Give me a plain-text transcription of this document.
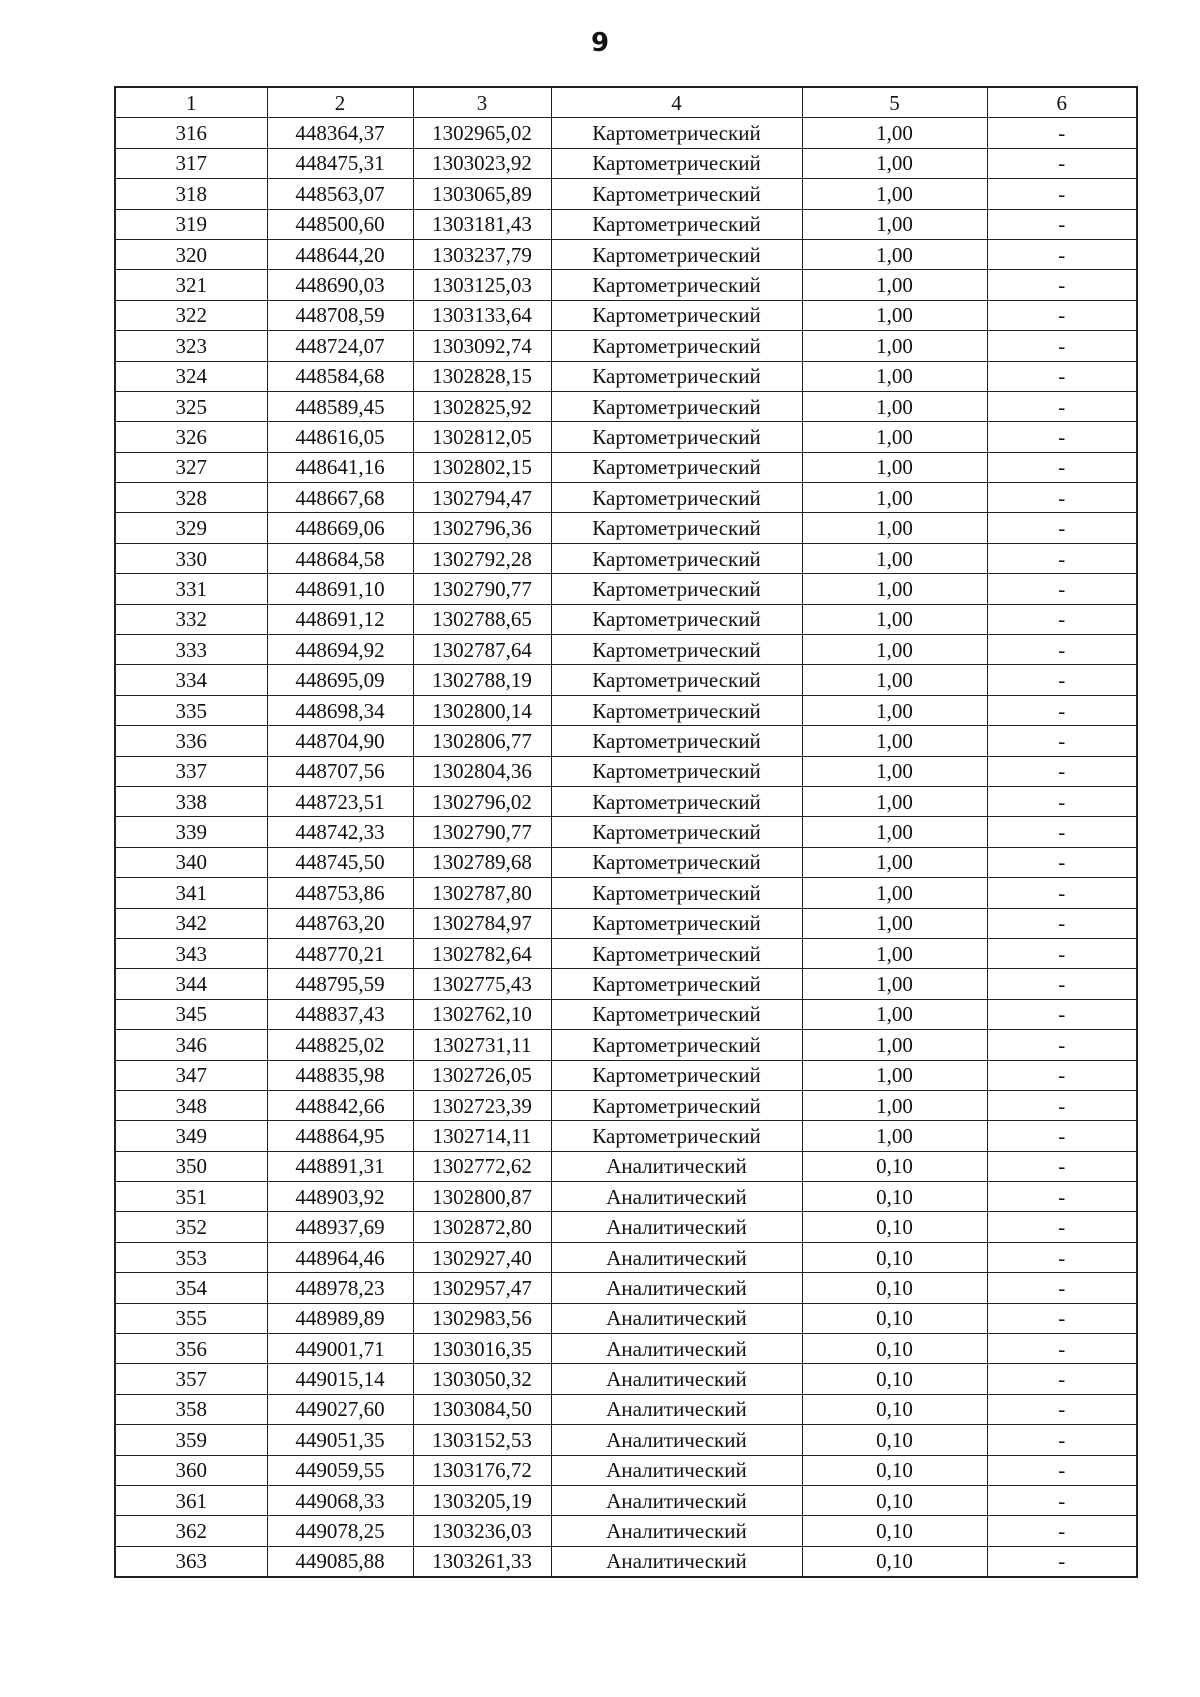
9
1	2	3	4	5	6
316	448364,37	1302965,02	Картометрический	1,00	-
317	448475,31	1303023,92	Картометрический	1,00	-
318	448563,07	1303065,89	Картометрический	1,00	-
319	448500,60	1303181,43	Картометрический	1,00	-
320	448644,20	1303237,79	Картометрический	1,00	-
321	448690,03	1303125,03	Картометрический	1,00	-
322	448708,59	1303133,64	Картометрический	1,00	-
323	448724,07	1303092,74	Картометрический	1,00	-
324	448584,68	1302828,15	Картометрический	1,00	-
325	448589,45	1302825,92	Картометрический	1,00	-
326	448616,05	1302812,05	Картометрический	1,00	-
327	448641,16	1302802,15	Картометрический	1,00	-
328	448667,68	1302794,47	Картометрический	1,00	-
329	448669,06	1302796,36	Картометрический	1,00	-
330	448684,58	1302792,28	Картометрический	1,00	-
331	448691,10	1302790,77	Картометрический	1,00	-
332	448691,12	1302788,65	Картометрический	1,00	-
333	448694,92	1302787,64	Картометрический	1,00	-
334	448695,09	1302788,19	Картометрический	1,00	-
335	448698,34	1302800,14	Картометрический	1,00	-
336	448704,90	1302806,77	Картометрический	1,00	-
337	448707,56	1302804,36	Картометрический	1,00	-
338	448723,51	1302796,02	Картометрический	1,00	-
339	448742,33	1302790,77	Картометрический	1,00	-
340	448745,50	1302789,68	Картометрический	1,00	-
341	448753,86	1302787,80	Картометрический	1,00	-
342	448763,20	1302784,97	Картометрический	1,00	-
343	448770,21	1302782,64	Картометрический	1,00	-
344	448795,59	1302775,43	Картометрический	1,00	-
345	448837,43	1302762,10	Картометрический	1,00	-
346	448825,02	1302731,11	Картометрический	1,00	-
347	448835,98	1302726,05	Картометрический	1,00	-
348	448842,66	1302723,39	Картометрический	1,00	-
349	448864,95	1302714,11	Картометрический	1,00	-
350	448891,31	1302772,62	Аналитический	0,10	-
351	448903,92	1302800,87	Аналитический	0,10	-
352	448937,69	1302872,80	Аналитический	0,10	-
353	448964,46	1302927,40	Аналитический	0,10	-
354	448978,23	1302957,47	Аналитический	0,10	-
355	448989,89	1302983,56	Аналитический	0,10	-
356	449001,71	1303016,35	Аналитический	0,10	-
357	449015,14	1303050,32	Аналитический	0,10	-
358	449027,60	1303084,50	Аналитический	0,10	-
359	449051,35	1303152,53	Аналитический	0,10	-
360	449059,55	1303176,72	Аналитический	0,10	-
361	449068,33	1303205,19	Аналитический	0,10	-
362	449078,25	1303236,03	Аналитический	0,10	-
363	449085,88	1303261,33	Аналитический	0,10	-
